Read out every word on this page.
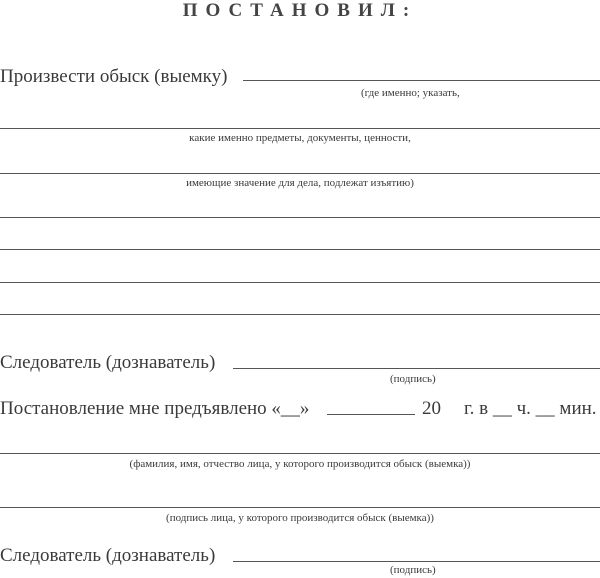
ПОСТАНОВИЛ:
Произвести обыск (выемку)
(где именно; указать,
какие именно предметы, документы, ценности,
имеющие значение для дела, подлежат изъятию)
Следователь (дознаватель)
(подпись)
Постановление мне предъявлено «__»	20 г. в __ ч. __ мин.
(фамилия, имя, отчество лица, у которого производится обыск (выемка))
(подпись лица, у которого производится обыск (выемка))
Следователь (дознаватель)
(подпись)
